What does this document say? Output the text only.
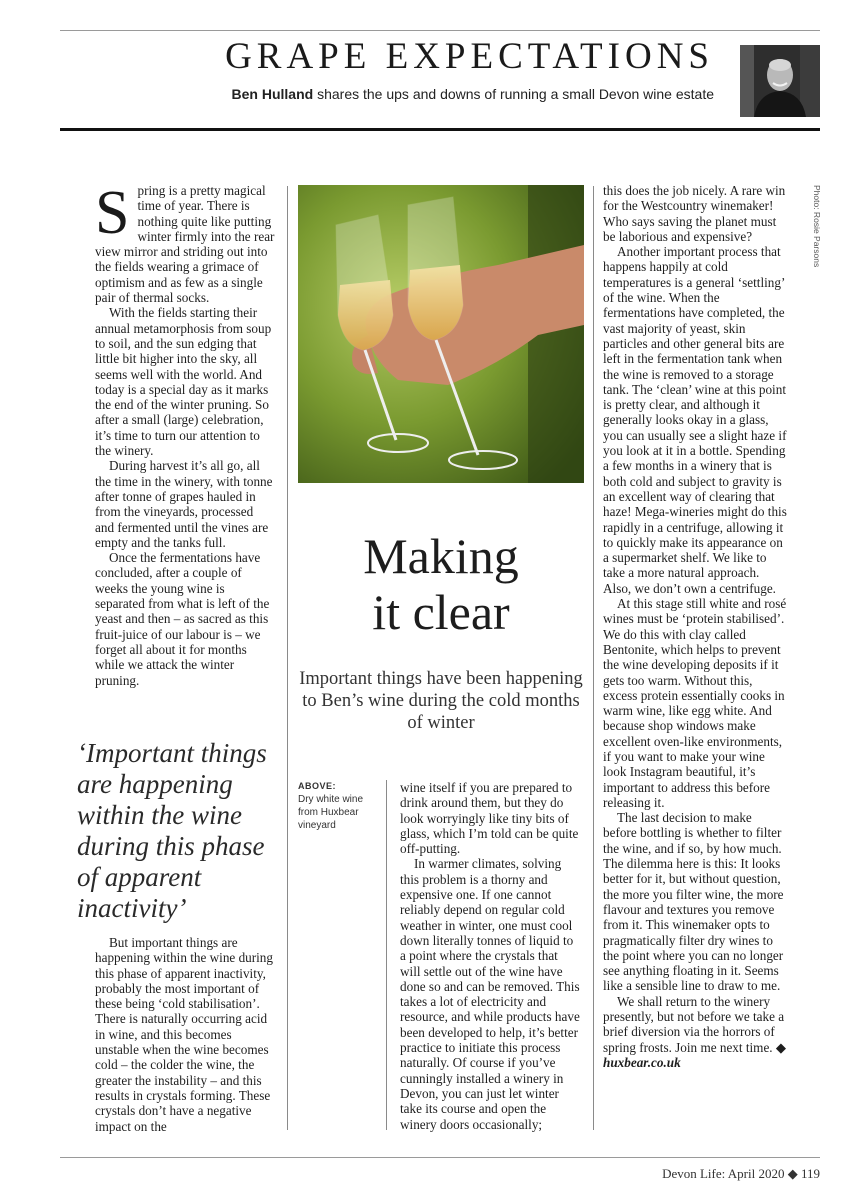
GRAPE EXPECTATIONS
Ben Hulland shares the ups and downs of running a small Devon wine estate
Photo: Rosie Parsons
S pring is a pretty magical time of year. There is nothing quite like putting winter firmly into the rear view mirror and striding out into the fields wearing a grimace of optimism and as few as a single pair of thermal socks.

With the fields starting their annual metamorphosis from soup to soil, and the sun edging that little bit higher into the sky, all seems well with the world. And today is a special day as it marks the end of the winter pruning. So after a small (large) celebration, it’s time to turn our attention to the winery.

During harvest it’s all go, all the time in the winery, with tonne after tonne of grapes hauled in from the vineyards, processed and fermented until the vines are empty and the tanks full.

Once the fermentations have concluded, after a couple of weeks the young wine is separated from what is left of the yeast and then – as sacred as this fruit-juice of our labour is – we forget all about it for months while we attack the winter pruning.

‘Important things are happening within the wine during this phase of apparent inactivity’

But important things are happening within the wine during this phase of apparent inactivity, probably the most important of these being ‘cold stabilisation’. There is naturally occurring acid in wine, and this becomes unstable when the wine becomes cold – the colder the wine, the greater the instability – and this results in crystals forming. These crystals don’t have a negative impact on the

Making
it clear
Important things have been happening to Ben’s wine during the cold months of winter
ABOVE:
Dry white wine from Huxbear vineyard

wine itself if you are prepared to drink around them, but they do look worryingly like tiny bits of glass, which I’m told can be quite off-putting.

In warmer climates, solving this problem is a thorny and expensive one. If one cannot reliably depend on regular cold weather in winter, one must cool down literally tonnes of liquid to a point where the crystals that will settle out of the wine have done so and can be removed. This takes a lot of electricity and resource, and while products have been developed to help, it’s better practice to initiate this process naturally. Of course if you’ve cunningly installed a winery in Devon, you can just let winter take its course and open the winery doors occasionally;

this does the job nicely. A rare win for the Westcountry winemaker! Who says saving the planet must be laborious and expensive?

Another important process that happens happily at cold temperatures is a general ‘settling’ of the wine. When the fermentations have completed, the vast majority of yeast, skin particles and other general bits are left in the fermentation tank when the wine is removed to a storage tank. The ‘clean’ wine at this point is pretty clear, and although it generally looks okay in a glass, you can usually see a slight haze if you look at it in a bottle. Spending a few months in a winery that is both cold and subject to gravity is an excellent way of clearing that haze! Mega-wineries might do this rapidly in a centrifuge, allowing it to quickly make its appearance on a supermarket shelf. We like to take a more natural approach. Also, we don’t own a centrifuge.

At this stage still white and rosé wines must be ‘protein stabilised’. We do this with clay called Bentonite, which helps to prevent the wine developing deposits if it gets too warm. Without this, excess protein essentially cooks in warm wine, like egg white. And because shop windows make excellent oven-like environments, if you want to make your wine look Instagram beautiful, it’s important to address this before releasing it.

The last decision to make before bottling is whether to filter the wine, and if so, by how much. The dilemma here is this: It looks better for it, but without question, the more you filter wine, the more flavour and textures you remove from it. This winemaker opts to pragmatically filter dry wines to the point where you can no longer see anything floating in it. Seems like a sensible line to draw to me.

We shall return to the winery presently, but not before we take a brief diversion via the horrors of spring frosts. Join me next time. ◆

huxbear.co.uk

Devon Life: April 2020 ◆ 119
